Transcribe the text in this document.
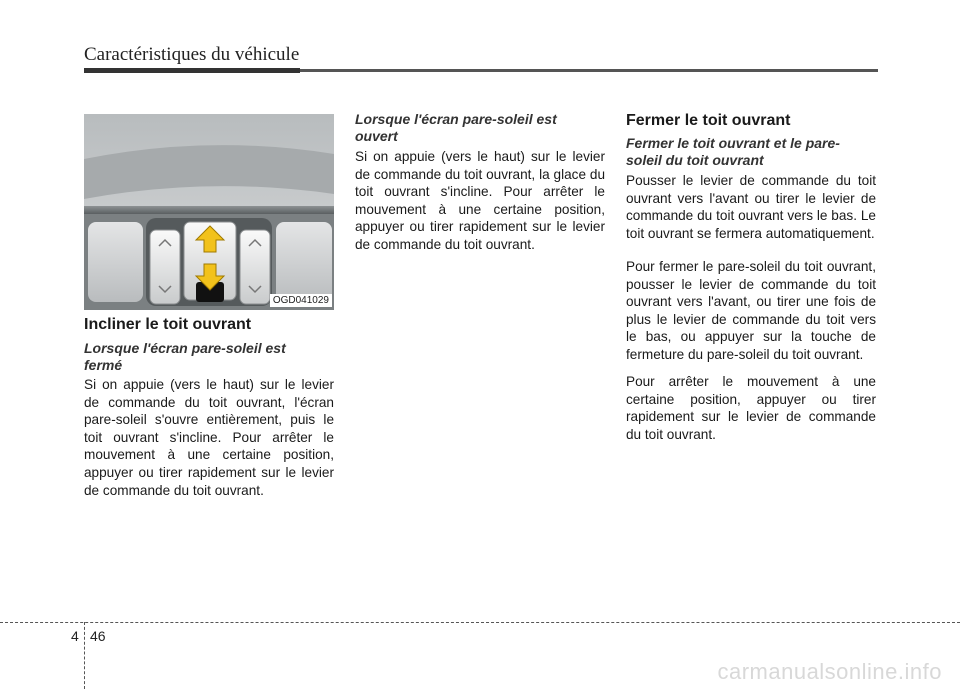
Caractéristiques du véhicule
OGD041029
Incliner le toit ouvrant

Lorsque l'écran pare-soleil est fermé

Si on appuie (vers le haut) sur le levier de commande du toit ouvrant, l'écran pare-soleil s'ouvre entièrement, puis le toit ouvrant s'incline. Pour arrêter le mouvement à une certaine position, appuyer ou tirer rapidement sur le levier de commande du toit ouvrant.

Lorsque l'écran pare-soleil est ouvert

Si on appuie (vers le haut) sur le levier de commande du toit ouvrant, la glace du toit ouvrant s'incline. Pour arrêter le mouvement à une certaine position, appuyer ou tirer rapidement sur le levier de commande du toit ouvrant.

Fermer le toit ouvrant

Fermer le toit ouvrant et le pare-soleil du toit ouvrant

Pousser le levier de commande du toit ouvrant vers l'avant ou tirer le levier de commande du toit ouvrant vers le bas. Le toit ouvrant se fermera automatiquement.

Pour fermer le pare-soleil du toit ouvrant, pousser le levier de commande du toit ouvrant vers l'avant, ou tirer une fois de plus le levier de commande du toit vers le bas, ou appuyer sur la touche de fermeture du pare-soleil du toit ouvrant.

Pour arrêter le mouvement à une certaine position, appuyer ou tirer rapidement sur le levier de commande du toit ouvrant.

4 46
carmanualsonline.info
